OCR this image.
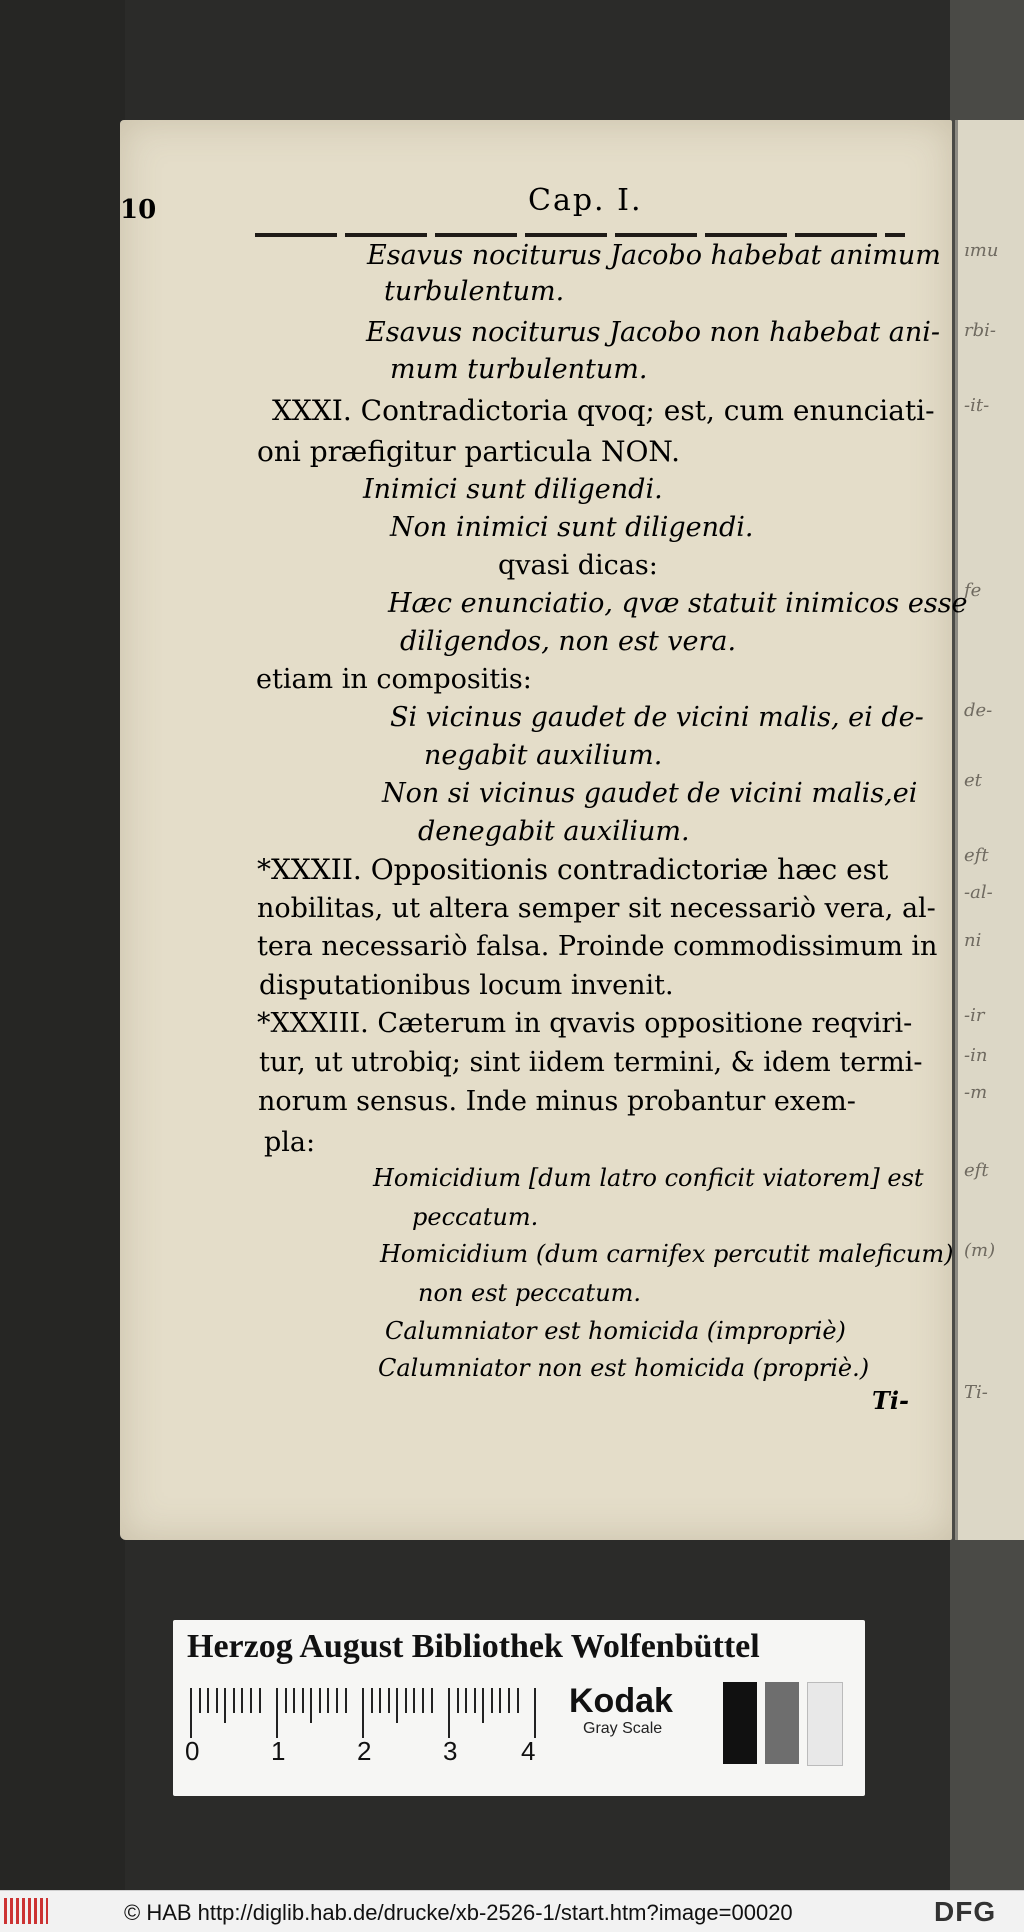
ımu
rbi-
-it-
fe
de-
et
eft
-al-
ni
-ir
-in
-m
eft
(m)
Ti-
10	Cap. I.
Esavus nociturus Jacobo habebat animum
turbulentum.
Esavus nociturus Jacobo non habebat ani-
mum turbulentum.
XXXI. Contradictoria qvoq; est, cum enunciati-
oni præfigitur particula NON.
Inimici sunt diligendi.
Non inimici sunt diligendi.
qvasi dicas:
Hæc enunciatio, qvæ statuit inimicos esse
diligendos, non est vera.
etiam in compositis:
Si vicinus gaudet de vicini malis, ei de-
negabit auxilium.
Non si vicinus gaudet de vicini malis,ei
denegabit auxilium.
*XXXII. Oppositionis contradictoriæ hæc est
nobilitas, ut altera semper sit necessariò vera, al-
tera necessariò falsa. Proinde commodissimum in
disputationibus locum invenit.
*XXXIII. Cæterum in qvavis oppositione reqviri-
tur, ut utrobiq; sint iidem termini, & idem termi-
norum sensus. Inde minus probantur exem-
pla:
Homicidium [dum latro conficit viatorem] est
peccatum.
Homicidium (dum carnifex percutit maleficum)
non est peccatum.
Calumniator est homicida (impropriè)
Calumniator non est homicida (propriè.)
Ti-
Herzog August Bibliothek Wolfenbüttel
0	1	2	3 4
Kodak
Gray Scale
© HAB http://diglib.hab.de/drucke/xb-2526-1/start.htm?image=00020	DFG
